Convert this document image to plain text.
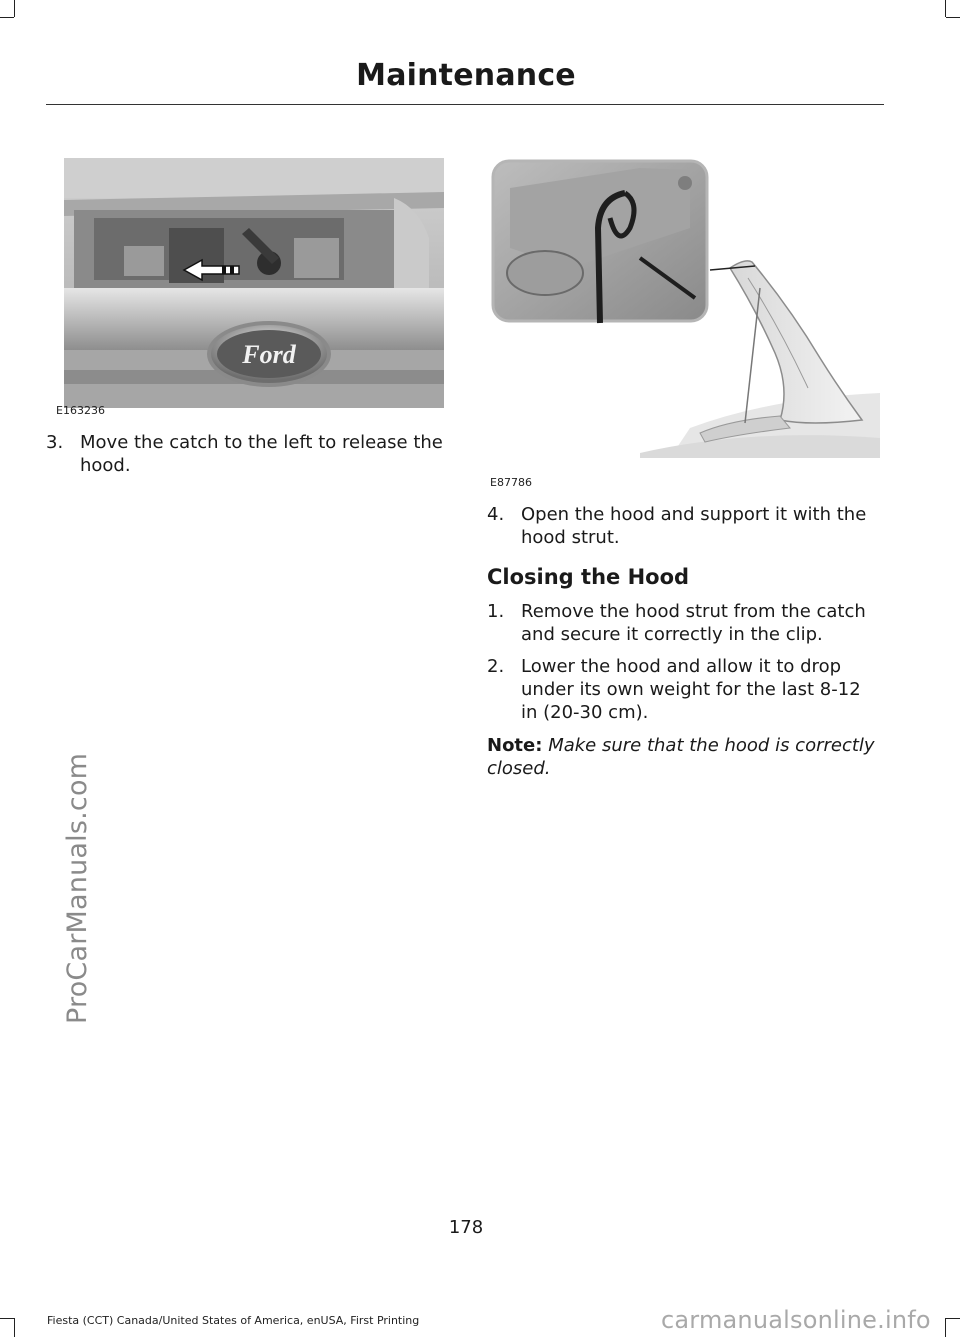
Maintenance
ProCarManuals.com
Ford
E163236
E87786
3. Move the catch to the left to release the hood.
4. Open the hood and support it with the hood strut.
Closing the Hood
1. Remove the hood strut from the catch and secure it correctly in the clip.
2. Lower the hood and allow it to drop under its own weight for the last 8-12 in (20-30 cm).
Note: Make sure that the hood is correctly closed.
178
Fiesta (CCT) Canada/United States of America, enUSA, First Printing	carmanualsonline.info
